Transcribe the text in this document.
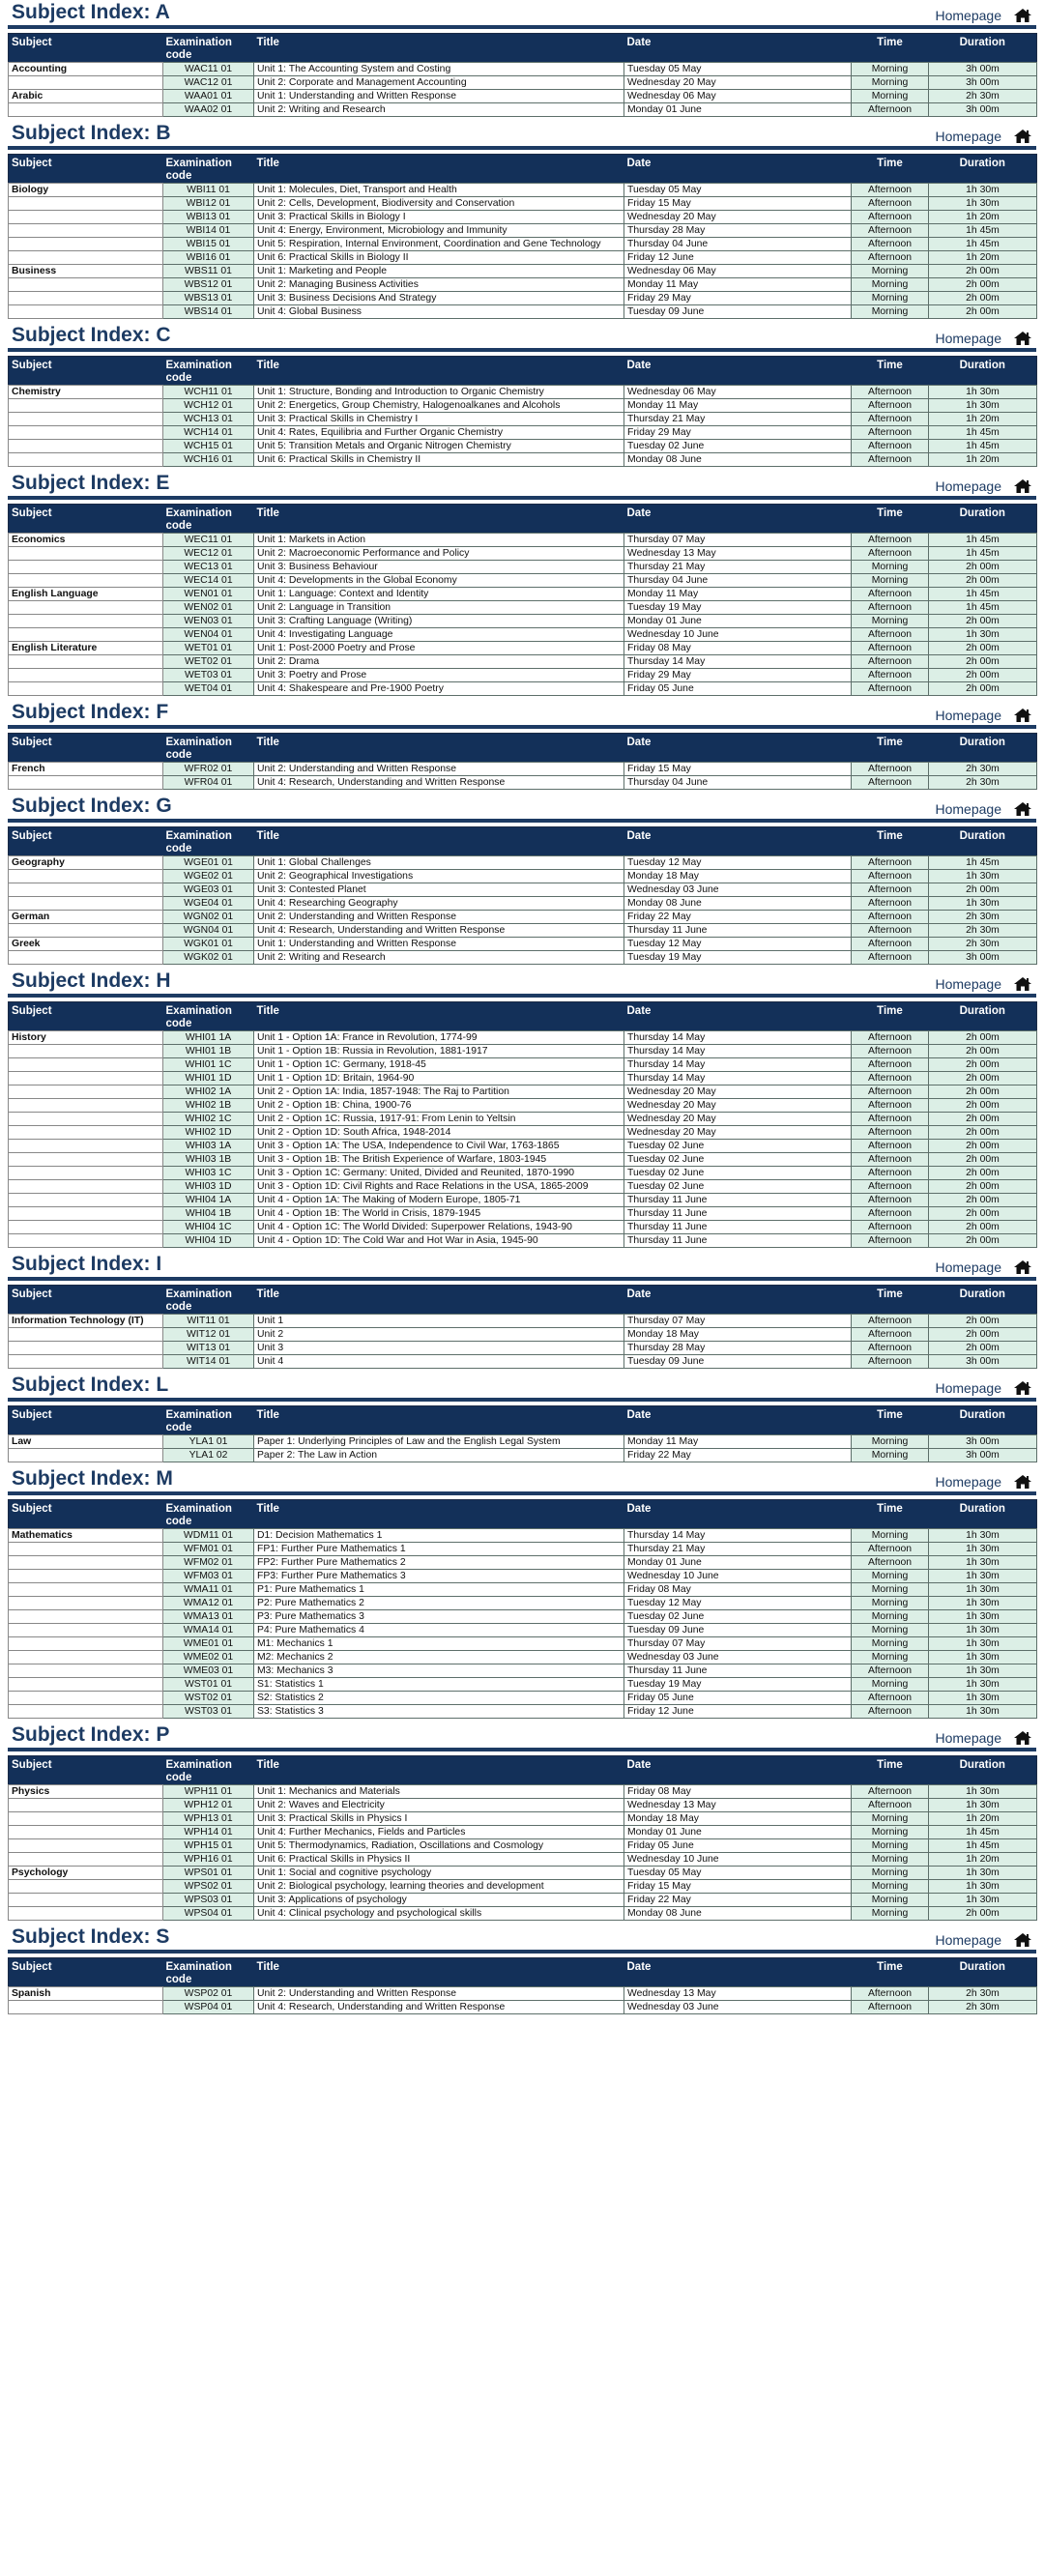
Subject Index: A	Homepage
Subject	Examination code	Title	Date	Time	Duration
Accounting	WAC11 01	Unit 1: The Accounting System and Costing	Tuesday 05 May	Morning	3h 00m
	WAC12 01	Unit 2: Corporate and Management Accounting	Wednesday 20 May	Morning	3h 00m
Arabic	WAA01 01	Unit 1: Understanding and Written Response	Wednesday 06 May	Morning	2h 30m
	WAA02 01	Unit 2: Writing and Research	Monday 01 June	Afternoon	3h 00m
Subject Index: B	Homepage
Subject	Examination code	Title	Date	Time	Duration
Biology	WBI11 01	Unit 1: Molecules, Diet, Transport and Health	Tuesday 05 May	Afternoon	1h 30m
	WBI12 01	Unit 2: Cells, Development, Biodiversity and Conservation	Friday 15 May	Afternoon	1h 30m
	WBI13 01	Unit 3: Practical Skills in Biology I	Wednesday 20 May	Afternoon	1h 20m
	WBI14 01	Unit 4: Energy, Environment, Microbiology and Immunity	Thursday 28 May	Afternoon	1h 45m
	WBI15 01	Unit 5: Respiration, Internal Environment, Coordination and Gene Technology	Thursday 04 June	Afternoon	1h 45m
	WBI16 01	Unit 6: Practical Skills in Biology II	Friday 12 June	Afternoon	1h 20m
Business	WBS11 01	Unit 1: Marketing and People	Wednesday 06 May	Morning	2h 00m
	WBS12 01	Unit 2: Managing Business Activities	Monday 11 May	Morning	2h 00m
	WBS13 01	Unit 3: Business Decisions And Strategy	Friday 29 May	Morning	2h 00m
	WBS14 01	Unit 4: Global Business	Tuesday 09 June	Morning	2h 00m
Subject Index: C	Homepage
Subject	Examination code	Title	Date	Time	Duration
Chemistry	WCH11 01	Unit 1: Structure, Bonding and Introduction to Organic Chemistry	Wednesday 06 May	Afternoon	1h 30m
	WCH12 01	Unit 2: Energetics, Group Chemistry, Halogenoalkanes and Alcohols	Monday 11 May	Afternoon	1h 30m
	WCH13 01	Unit 3: Practical Skills in Chemistry I	Thursday 21 May	Afternoon	1h 20m
	WCH14 01	Unit 4: Rates, Equilibria and Further Organic Chemistry	Friday 29 May	Afternoon	1h 45m
	WCH15 01	Unit 5: Transition Metals and Organic Nitrogen Chemistry	Tuesday 02 June	Afternoon	1h 45m
	WCH16 01	Unit 6: Practical Skills in Chemistry II	Monday 08 June	Afternoon	1h 20m
Subject Index: E	Homepage
Subject	Examination code	Title	Date	Time	Duration
Economics	WEC11 01	Unit 1: Markets in Action	Thursday 07 May	Afternoon	1h 45m
	WEC12 01	Unit 2: Macroeconomic Performance and Policy	Wednesday 13 May	Afternoon	1h 45m
	WEC13 01	Unit 3: Business Behaviour	Thursday 21 May	Morning	2h 00m
	WEC14 01	Unit 4: Developments in the Global Economy	Thursday 04 June	Morning	2h 00m
English Language	WEN01 01	Unit 1: Language: Context and Identity	Monday 11 May	Afternoon	1h 45m
	WEN02 01	Unit 2: Language in Transition	Tuesday 19 May	Afternoon	1h 45m
	WEN03 01	Unit 3: Crafting Language (Writing)	Monday 01 June	Morning	2h 00m
	WEN04 01	Unit 4: Investigating Language	Wednesday 10 June	Afternoon	1h 30m
English Literature	WET01 01	Unit 1: Post-2000 Poetry and Prose	Friday 08 May	Afternoon	2h 00m
	WET02 01	Unit 2: Drama	Thursday 14 May	Afternoon	2h 00m
	WET03 01	Unit 3: Poetry and Prose	Friday 29 May	Afternoon	2h 00m
	WET04 01	Unit 4: Shakespeare and Pre-1900 Poetry	Friday 05 June	Afternoon	2h 00m
Subject Index: F	Homepage
Subject	Examination code	Title	Date	Time	Duration
French	WFR02 01	Unit 2: Understanding and Written Response	Friday 15 May	Afternoon	2h 30m
	WFR04 01	Unit 4: Research, Understanding and Written Response	Thursday 04 June	Afternoon	2h 30m
Subject Index: G	Homepage
Subject	Examination code	Title	Date	Time	Duration
Geography	WGE01 01	Unit 1: Global Challenges	Tuesday 12 May	Afternoon	1h 45m
	WGE02 01	Unit 2: Geographical Investigations	Monday 18 May	Afternoon	1h 30m
	WGE03 01	Unit 3: Contested Planet	Wednesday 03 June	Afternoon	2h 00m
	WGE04 01	Unit 4: Researching Geography	Monday 08 June	Afternoon	1h 30m
German	WGN02 01	Unit 2: Understanding and Written Response	Friday 22 May	Afternoon	2h 30m
	WGN04 01	Unit 4: Research, Understanding and Written Response	Thursday 11 June	Afternoon	2h 30m
Greek	WGK01 01	Unit 1: Understanding and Written Response	Tuesday 12 May	Afternoon	2h 30m
	WGK02 01	Unit 2: Writing and Research	Tuesday 19 May	Afternoon	3h 00m
Subject Index: H	Homepage
Subject	Examination code	Title	Date	Time	Duration
History	WHI01 1A	Unit 1 - Option 1A: France in Revolution, 1774-99	Thursday 14 May	Afternoon	2h 00m
	WHI01 1B	Unit 1 - Option 1B: Russia in Revolution, 1881-1917	Thursday 14 May	Afternoon	2h 00m
	WHI01 1C	Unit 1 - Option 1C: Germany, 1918-45	Thursday 14 May	Afternoon	2h 00m
	WHI01 1D	Unit 1 - Option 1D: Britain, 1964-90	Thursday 14 May	Afternoon	2h 00m
	WHI02 1A	Unit 2 - Option 1A: India, 1857-1948: The Raj to Partition	Wednesday 20 May	Afternoon	2h 00m
	WHI02 1B	Unit 2 - Option 1B: China, 1900-76	Wednesday 20 May	Afternoon	2h 00m
	WHI02 1C	Unit 2 - Option 1C: Russia, 1917-91: From Lenin to Yeltsin	Wednesday 20 May	Afternoon	2h 00m
	WHI02 1D	Unit 2 - Option 1D: South Africa, 1948-2014	Wednesday 20 May	Afternoon	2h 00m
	WHI03 1A	Unit 3 - Option 1A: The USA, Independence to Civil War, 1763-1865	Tuesday 02 June	Afternoon	2h 00m
	WHI03 1B	Unit 3 - Option 1B: The British Experience of Warfare, 1803-1945	Tuesday 02 June	Afternoon	2h 00m
	WHI03 1C	Unit 3 - Option 1C: Germany: United, Divided and Reunited, 1870-1990	Tuesday 02 June	Afternoon	2h 00m
	WHI03 1D	Unit 3 - Option 1D: Civil Rights and Race Relations in the USA, 1865-2009	Tuesday 02 June	Afternoon	2h 00m
	WHI04 1A	Unit 4 - Option 1A: The Making of Modern Europe, 1805-71	Thursday 11 June	Afternoon	2h 00m
	WHI04 1B	Unit 4 - Option 1B: The World in Crisis, 1879-1945	Thursday 11 June	Afternoon	2h 00m
	WHI04 1C	Unit 4 - Option 1C: The World Divided: Superpower Relations, 1943-90	Thursday 11 June	Afternoon	2h 00m
	WHI04 1D	Unit 4 - Option 1D: The Cold War and Hot War in Asia, 1945-90	Thursday 11 June	Afternoon	2h 00m
Subject Index: I	Homepage
Subject	Examination code	Title	Date	Time	Duration
Information Technology (IT)	WIT11 01	Unit 1	Thursday 07 May	Afternoon	2h 00m
	WIT12 01	Unit 2	Monday 18 May	Afternoon	2h 00m
	WIT13 01	Unit 3	Thursday 28 May	Afternoon	2h 00m
	WIT14 01	Unit 4	Tuesday 09 June	Afternoon	3h 00m
Subject Index: L	Homepage
Subject	Examination code	Title	Date	Time	Duration
Law	YLA1 01	Paper 1: Underlying Principles of Law and the English Legal System	Monday 11 May	Morning	3h 00m
	YLA1 02	Paper 2: The Law in Action	Friday 22 May	Morning	3h 00m
Subject Index: M	Homepage
Subject	Examination code	Title	Date	Time	Duration
Mathematics	WDM11 01	D1: Decision Mathematics 1	Thursday 14 May	Morning	1h 30m
	WFM01 01	FP1: Further Pure Mathematics 1	Thursday 21 May	Afternoon	1h 30m
	WFM02 01	FP2: Further Pure Mathematics 2	Monday 01 June	Afternoon	1h 30m
	WFM03 01	FP3: Further Pure Mathematics 3	Wednesday 10 June	Morning	1h 30m
	WMA11 01	P1: Pure Mathematics 1	Friday 08 May	Morning	1h 30m
	WMA12 01	P2: Pure Mathematics 2	Tuesday 12 May	Morning	1h 30m
	WMA13 01	P3: Pure Mathematics 3	Tuesday 02 June	Morning	1h 30m
	WMA14 01	P4: Pure Mathematics 4	Tuesday 09 June	Morning	1h 30m
	WME01 01	M1: Mechanics 1	Thursday 07 May	Morning	1h 30m
	WME02 01	M2: Mechanics 2	Wednesday 03 June	Morning	1h 30m
	WME03 01	M3: Mechanics 3	Thursday 11 June	Afternoon	1h 30m
	WST01 01	S1: Statistics 1	Tuesday 19 May	Morning	1h 30m
	WST02 01	S2: Statistics 2	Friday 05 June	Afternoon	1h 30m
	WST03 01	S3: Statistics 3	Friday 12 June	Afternoon	1h 30m
Subject Index: P	Homepage
Subject	Examination code	Title	Date	Time	Duration
Physics	WPH11 01	Unit 1: Mechanics and Materials	Friday 08 May	Afternoon	1h 30m
	WPH12 01	Unit 2: Waves and Electricity	Wednesday 13 May	Afternoon	1h 30m
	WPH13 01	Unit 3: Practical Skills in Physics I	Monday 18 May	Morning	1h 20m
	WPH14 01	Unit 4: Further Mechanics, Fields and Particles	Monday 01 June	Morning	1h 45m
	WPH15 01	Unit 5: Thermodynamics, Radiation, Oscillations and Cosmology	Friday 05 June	Morning	1h 45m
	WPH16 01	Unit 6: Practical Skills in Physics II	Wednesday 10 June	Morning	1h 20m
Psychology	WPS01 01	Unit 1: Social and cognitive psychology	Tuesday 05 May	Morning	1h 30m
	WPS02 01	Unit 2: Biological psychology, learning theories and development	Friday 15 May	Morning	1h 30m
	WPS03 01	Unit 3: Applications of psychology	Friday 22 May	Morning	1h 30m
	WPS04 01	Unit 4: Clinical psychology and psychological skills	Monday 08 June	Morning	2h 00m
Subject Index: S	Homepage
Subject	Examination code	Title	Date	Time	Duration
Spanish	WSP02 01	Unit 2: Understanding and Written Response	Wednesday 13 May	Afternoon	2h 30m
	WSP04 01	Unit 4: Research, Understanding and Written Response	Wednesday 03 June	Afternoon	2h 30m
